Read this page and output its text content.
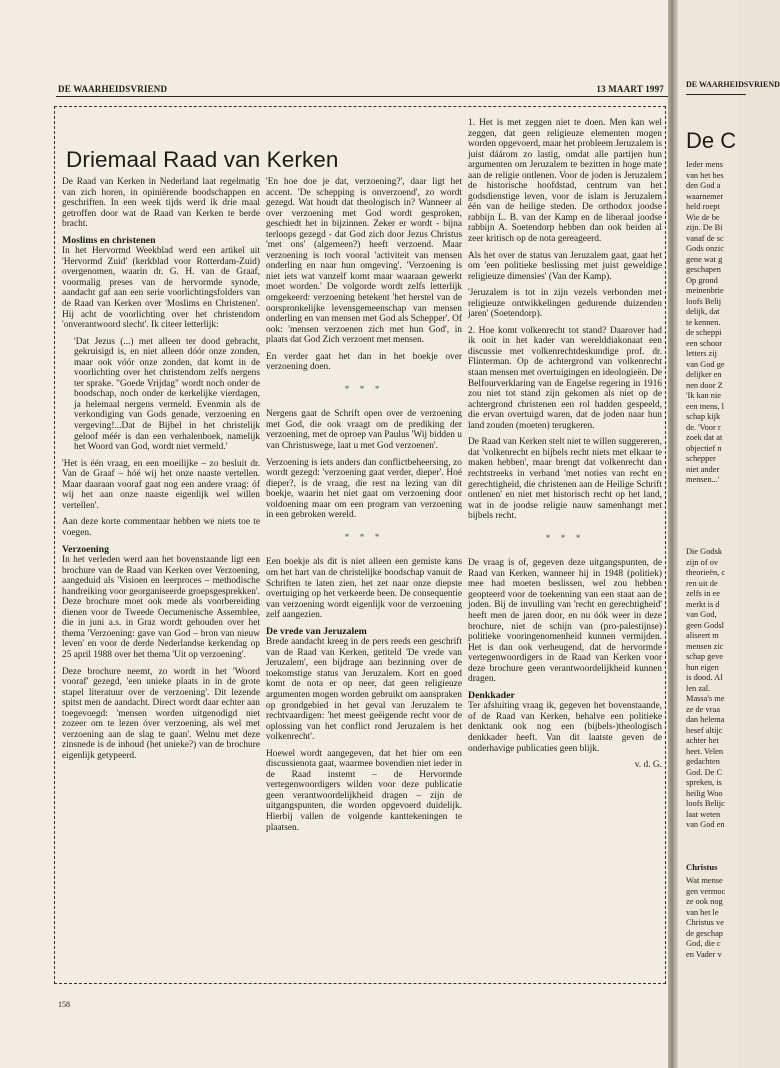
DE WAARHEIDSVRIEND	13 MAART 1997
Driemaal Raad van Kerken

De Raad van Kerken in Nederland laat regelmatig van zich horen, in opiniërende boodschappen en geschriften. In een week tijds werd ik drie maal getroffen door wat de Raad van Kerken te berde bracht.

Moslims en christenen

In het Hervormd Weekblad werd een artikel uit 'Hervormd Zuid' (kerkblad voor Rotterdam-Zuid) overgenomen, waarin dr. G. H. van de Graaf, voormalig preses van de hervormde synode, aandacht gaf aan een serie voorlichtingsfolders van de Raad van Kerken over 'Moslims en Christenen'. Hij acht de voorlichting over het christendom 'onverantwoord slecht'. Ik citeer letterlijk:

'Dat Jezus (...) met alleen ter dood gebracht, gekruisigd is, en niet alleen dóór onze zonden, maar ook vóór onze zonden, dat komt in de voorlichting over het christendom zelfs nergens ter sprake. "Goede Vrijdag" wordt noch onder de boodschap, noch onder de kerkelijke vierdagen, ja helemaal nergens vermeld. Evenmin als de verkondiging van Gods genade, verzoening en vergeving!...Dat de Bijbel in het christelijk geloof méér is dan een verhalenboek, namelijk het Woord van God, wordt niet vermeld.'

'Het is één vraag, en een moeilijke – zo besluit dr. Van de Graaf – hóé wij het onze naaste vertellen. Maar daaraan vooraf gaat nog een andere vraag: óf wij het aan onze naaste eigenlijk wel willen vertellen'.

Aan deze korte commentaar hebben we niets toe te voegen.

Verzoening

In het verleden werd aan het bovenstaande ligt een brochure van de Raad van Kerken over Verzoening, aangeduid als 'Visioen en leerproces – methodische handreiking voor georganiseerde groepsgesprekken'. Deze brochure moet ook mede als voorbereiding dienen voor de Tweede Oecumenische Assemblee, die in juni a.s. in Graz wordt gehouden over het thema 'Verzoening: gave van God – bron van nieuw leven' en voor de derde Nederlandse kerkendag op 25 april 1988 over het thema 'Uit op verzoening'.

Deze brochure neemt, zo wordt in het 'Woord vooraf' gezegd, 'een unieke plaats in in de grote stapel literatuur over de verzoening'. Dit lezende spitst men de aandacht. Direct wordt daar echter aan toegevoegd: 'mensen worden uitgenodigd niet zozeer om te lezen óver verzoening, als wel met verzoening aan de slag te gaan'. Welnu met deze zinsnede is de inhoud (het unieke?) van de brochure eigenlijk getypeerd.

'En hoe doe je dat, verzoening?', daar ligt het accent. 'De schepping is onverzoend', zo wordt gezegd. Wat houdt dat theologisch in? Wanneer al over verzoening met God wordt gesproken, geschiedt het in bijzinnen. Zeker er wordt - bijna terloops gezegd - dat God zich door Jezus Christus 'met ons' (algemeen?) heeft verzoend. Maar verzoening is toch vooral 'activiteit van mensen onderling en naar hun omgeving'. 'Verzoening is niet iets wat vanzelf komt maar waaraan gewerkt moet worden.' De volgorde wordt zelfs letterlijk omgekeerd: verzoening betekent 'het herstel van de oorspronkelijke levensgemeenschap van mensen onderling en van mensen met God als Schepper'. Of ook: 'mensen verzoenen zich met hun God', in plaats dat God Zich verzoent met mensen.

En verder gaat het dan in het boekje over verzoening doen.

* * *

Nergens gaat de Schrift open over de verzoening met God, die ook vraagt om de prediking der verzoening, met de oproep van Paulus 'Wij bidden u van Christuswege, laat u met God verzoenen'.

Verzoening is iets anders dan conflictbeheersing, zo wordt gezegd: 'verzoening gaat verder, dieper'. Hoé dieper?, is de vraag, die rest na lezing van dit boekje, waarin het niet gaat om verzoening door voldoening maar om een program van verzoening in een gebroken wereld.

* * *

Een boekje als dit is niet alleen een gemiste kans om het hart van de christelijke boodschap vanuit de Schriften te laten zien, het zet naar onze diepste overtuiging op het verkeerde been. De consequentie van verzoening wordt eigenlijk voor de verzoening zelf aangezien.

De vrede van Jeruzalem

Brede aandacht kreeg in de pers reeds een geschrift van de Raad van Kerken, getiteld 'De vrede van Jeruzalem', een bijdrage aan bezinning over de toekomstige status van Jeruzalem. Kort en goed komt de nota er op neer, dat geen religieuze argumenten mogen worden gebruikt om aanspraken op grondgebied in het geval van Jeruzalem te rechtvaardigen: 'het meest geëigende recht voor de oplossing van het conflict rond Jeruzalem is het volkenrecht'.

Hoewel wordt aangegeven, dat het hier om een discussienota gaat, waarmee bovendien niet ieder in de Raad instemt – de Hervormde vertegenwoordigers wilden voor deze publicatie geen verantwoordelijkheid dragen – zijn de uitgangspunten, die worden opgevoerd duidelijk. Hierbij vallen de volgende kanttekeningen te plaatsen.

1. Het is met zeggen niet te doen. Men kan wel zeggen, dat geen religieuze elementen mogen worden opgevoerd, maar het probleem Jeruzalem is juist dáárom zo lastig, omdat alle partijen hun argumenten om Jeruzalem te bezitten in hoge mate aan de religie ontlenen. Voor de joden is Jeruzalem de historische hoofdstad, centrum van het godsdienstige leven, voor de islam is Jeruzalem één van de heilige steden. De orthodox joodse rabbijn L. B. van der Kamp en de liberaal joodse rabbijn A. Soetendorp hebben dan ook beiden al zeer kritisch op de nota gereageerd.

Als het over de status van Jeruzalem gaat, gaat het om 'een politieke beslissing met juist geweldige religieuze dimensies' (Van der Kamp).

'Jeruzalem is tot in zijn vezels verbonden met religieuze ontwikkelingen gedurende duizenden jaren' (Soetendorp).

2. Hoe komt volkenrecht tot stand? Daarover had ik ooit in het kader van werelddiakonaat een discussie met volkenrechtdeskundige prof. dr. Flinterman. Op de achtergrond van volkenrecht staan mensen met overtuigingen en ideologieën. De Belfourverklaring van de Engelse regering in 1916 zou niet tot stand zijn gekomen als niet op de achtergrond christenen een rol hadden gespeeld, die ervan overtuigd waren, dat de joden naar hun land zouden (moeten) terugkeren.

De Raad van Kerken stelt niet te willen suggereren, dat 'volkenrecht en bijbels recht niets met elkaar te maken hebben', maar brengt dat volkenrecht dan rechtstreeks in verband 'met noties van recht en gerechtigheid, die christenen aan de Heilige Schrift ontlenen' en niet met historisch recht op het land, wat in de joodse religie nauw samenhangt met bijbels recht.

* * *

De vraag is of, gegeven deze uitgangspunten, de Raad van Kerken, wanneer hij in 1948 (politiek) mee had moeten beslissen, wel zou hebben geopteerd voor de toekenning van een staat aan de joden. Bij de invulling van 'recht en gerechtigheid' heeft men de jaren door, en nu óók weer in deze brochure, niet de schijn van (pro-palestijnse) politieke vooringenomenheid kunnen vermijden. Het is dan ook verheugend, dat de hervormde vertegenwoordigers in de Raad van Kerken voor deze brochure geen verantwoordelijkheid kunnen dragen.

Denkkader

Ter afsluiting vraag ik, gegeven het bovenstaande, of de Raad van Kerken, behalve een politieke denktank ook nog een (bijbels-)theologisch denkkader heeft. Van dit laatste geven de onderhavige publicaties geen blijk.

v. d. G.
158
DE WAARHEIDSVRIEND
De C
Ieder mens
van het bes
den God a
waarnemer
held roept
Wie de be
zijn. De Bi
vanaf de sc
Gods onzic
gene wat g
geschapen
Op grond
meinenbrie
loofs Belij
delijk, dat
te kennen.
de scheppi
een schoor
letters zij
van God ge
delijker en
nen door Z
'Ik kan nie
een mens, l
schap kijk
de. 'Voor r
zoek dat at
objectief n
schepper
niet ander
mensen...'
Die Godsk
zijn of ov
theorieën, c
ren uit de
zelfs in ee
merkt is d
van God,
geen Godsl
aliseert m
mensen zic
schap geve
hun eigen
is dood. Al
len zal.
Massa's me
ze de vraa
dan helema
besef altijc
achter het
heet. Velen
gedachten
God. De C
spreken, is
heilig Woo
loofs Belijc
laat weten
van God en
Christus
Wat mense
gen vermoc
ze ook nog
van het le
Christus ve
de geschap
God, die c
en Vader v
